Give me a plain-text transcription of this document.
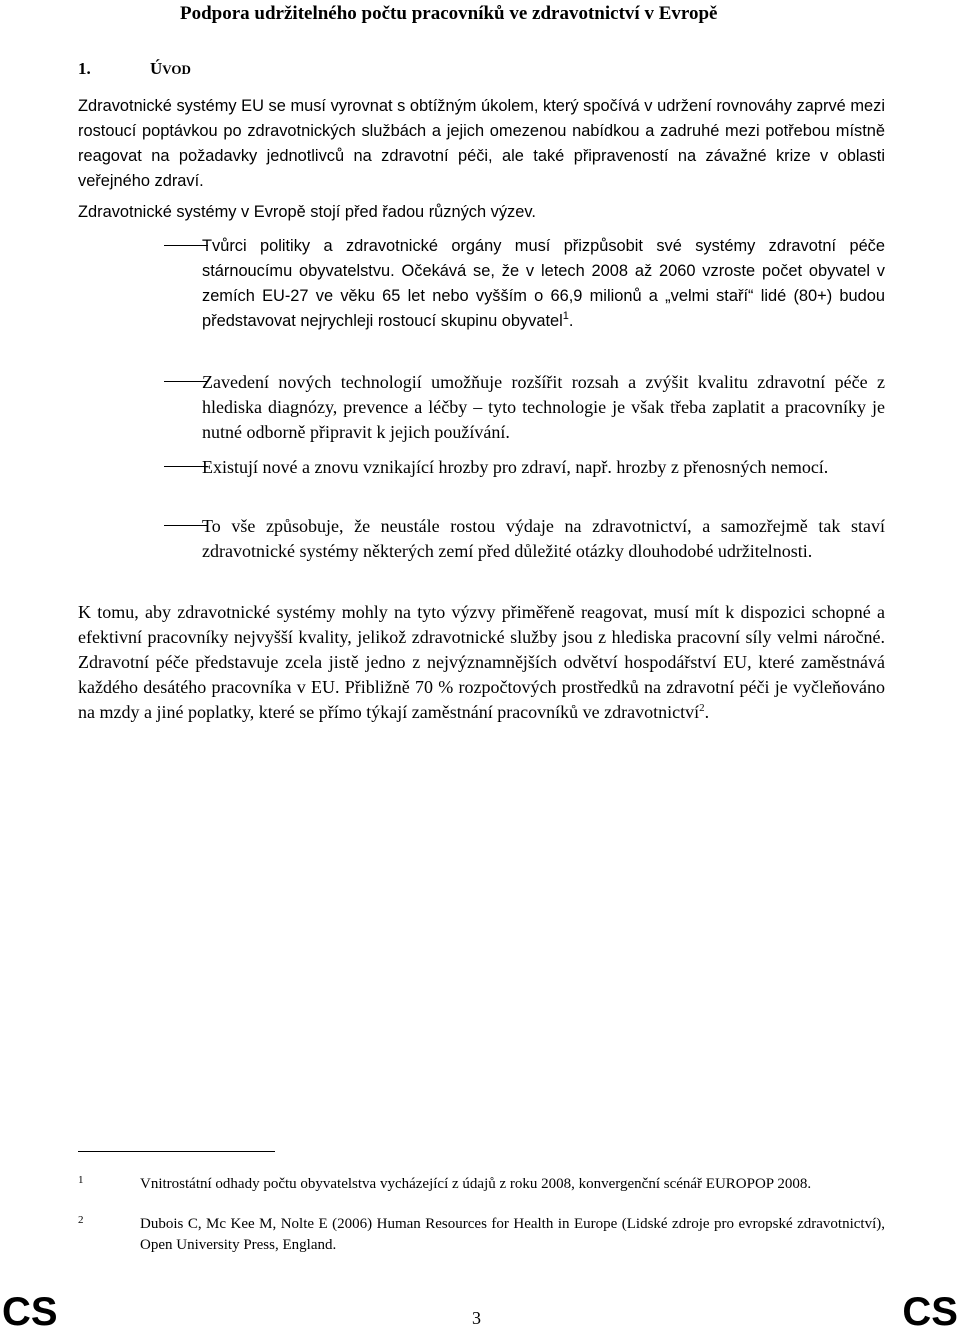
Podpora udržitelného počtu pracovníků ve zdravotnictví v Evropě
1.	ÚVOD
Zdravotnické systémy EU se musí vyrovnat s obtížným úkolem, který spočívá v udržení rovnováhy zaprvé mezi rostoucí poptávkou po zdravotnických službách a jejich omezenou nabídkou a zadruhé mezi potřebou místně reagovat na požadavky jednotlivců na zdravotní péči, ale také připraveností na závažné krize v oblasti veřejného zdraví.
Zdravotnické systémy v Evropě stojí před řadou různých výzev.
Tvůrci politiky a zdravotnické orgány musí přizpůsobit své systémy zdravotní péče stárnoucímu obyvatelstvu. Očekává se, že v letech 2008 až 2060 vzroste počet obyvatel v zemích EU-27 ve věku 65 let nebo vyšším o 66,9 milionů a „velmi staří“ lidé (80+) budou představovat nejrychleji rostoucí skupinu obyvatel$^1$.
Zavedení nových technologií umožňuje rozšířit rozsah a zvýšit kvalitu zdravotní péče z hlediska diagnózy, prevence a léčby – tyto technologie je však třeba zaplatit a pracovníky je nutné odborně připravit k jejich používání.
Existují nové a znovu vznikající hrozby pro zdraví, např. hrozby z přenosných nemocí.
To vše způsobuje, že neustále rostou výdaje na zdravotnictví, a samozřejmě tak staví zdravotnické systémy některých zemí před důležité otázky dlouhodobé udržitelnosti.
K tomu, aby zdravotnické systémy mohly na tyto výzvy přiměřeně reagovat, musí mít k dispozici schopné a efektivní pracovníky nejvyšší kvality, jelikož zdravotnické služby jsou z hlediska pracovní síly velmi náročné. Zdravotní péče představuje zcela jistě jedno z nejvýznamnějších odvětví hospodářství EU, které zaměstnává každého desátého pracovníka v EU. Přibližně 70 % rozpočtových prostředků na zdravotní péči je vyčleňováno na mzdy a jiné poplatky, které se přímo týkají zaměstnání pracovníků ve zdravotnictví$^2$.
1	Vnitrostátní odhady počtu obyvatelstva vycházející z údajů z roku 2008, konvergenční scénář EUROPOP 2008.
2	Dubois C, Mc Kee M, Nolte E (2006) Human Resources for Health in Europe (Lidské zdroje pro evropské zdravotnictví), Open University Press, England.
CS	3	CS
